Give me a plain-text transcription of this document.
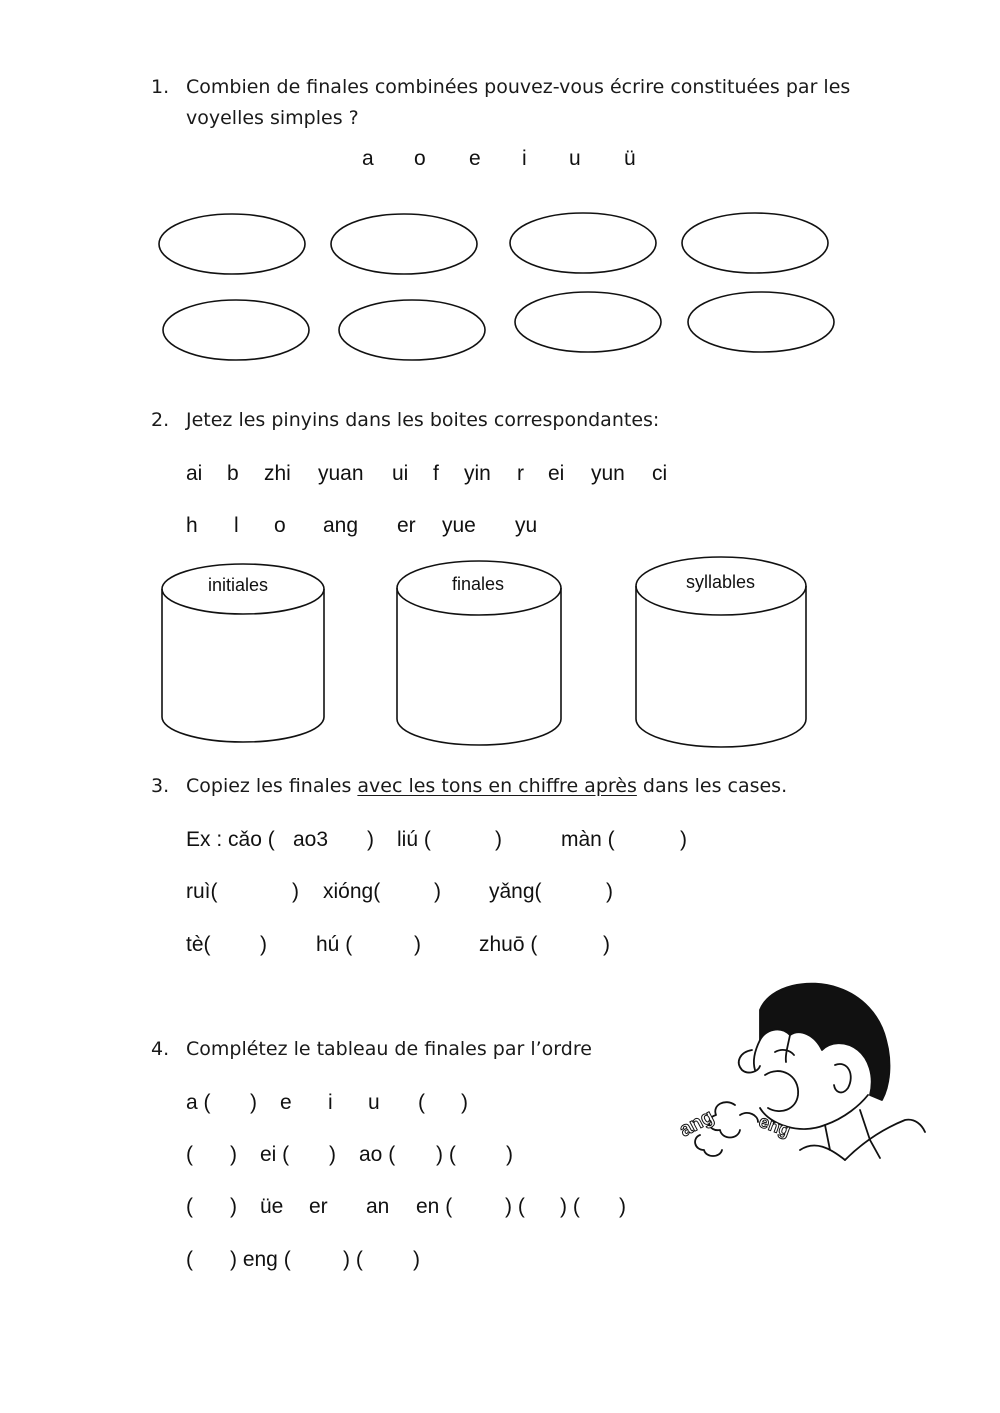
ang eng
1. Combien de finales combinées pouvez-vous écrire constituées par les
voyelles simples ?
a o e i u ü
2. Jetez les pinyins dans les boites correspondantes:
ai b zhi yuan ui f yin r ei yun ci
h l o ang er yue yu
initiales	finales	syllables
3. Copiez les finales avec les tons en chiffre après dans les cases.
Ex : cǎo ( ao3 ) liú (	)	màn (	)
ruì(	) xióng(	) yǎng(	)
tè( ) hú (	)	zhuō (	)
4. Complétez le tableau de finales par l’ordre
a ( ) e i u ( )
( ) ei ( ) ao ( ) ( )
( ) üe er an en (	) ( ) ( )
( ) eng ( ) ( )
